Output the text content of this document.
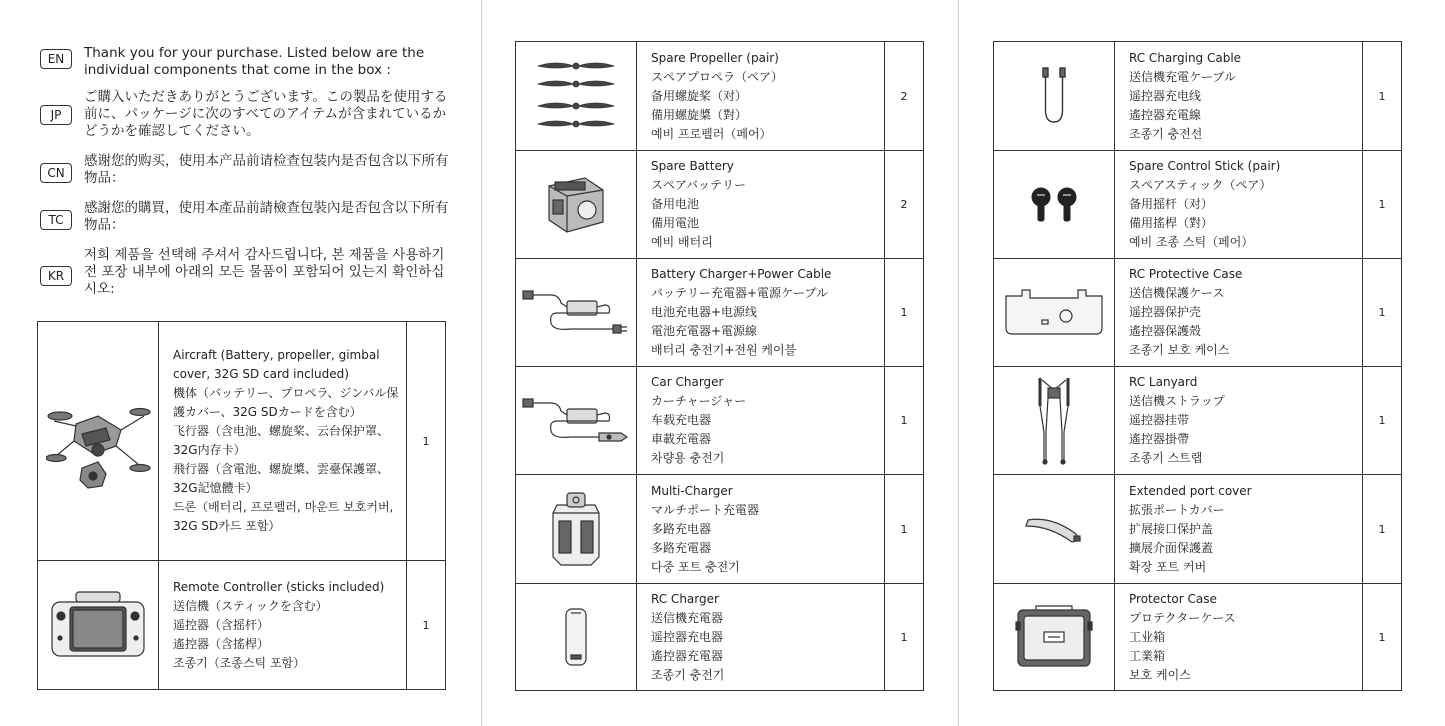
EN	Thank you for your purchase. Listed below are the individual components that come in the box :
JP
ご購入いただきありがとうございます。この製品を使用する前に、パッケージに次のすべてのアイテムが含まれているかどうかを確認してください。
CN
感谢您的购买，使用本产品前请检查包装内是否包含以下所有物品：
TC
感謝您的購買，使用本產品前請檢查包裝內是否包含以下所有物品：
KR
저희 제품을 선택해 주셔서 감사드립니다, 본 제품을 사용하기전 포장 내부에 아래의 모든 물품이 포함되어 있는지 확인하십시오:

Aircraft (Battery, propeller, gimbal cover, 32G SD card included)
機体（バッテリー、プロペラ、ジンバル保護カバー、32G SDカードを含む）
飞行器（含电池、螺旋桨、云台保护罩、32G内存卡）
飛行器（含電池、螺旋槳、雲臺保護罩、32G記憶體卡）
드론（배터리, 프로펠러, 마운트 보호커버, 32G SD카드 포함）	1

Remote Controller (sticks included)
送信機（スティックを含む）
遥控器（含摇杆）
遙控器（含搖桿）
조종기（조종스틱 포함）	1

Spare Propeller (pair)
スペアプロペラ（ペア）
备用螺旋桨（对）
備用螺旋槳（對）
예비 프로펠러（페어）	2

Spare Battery
スペアバッテリー
备用电池
備用電池
예비 배터리	2

Battery Charger+Power Cable
バッテリー充電器+電源ケーブル
电池充电器+电源线
電池充電器+電源線
배터리 충전기+전원 케이블	1

Car Charger
カーチャージャー
车载充电器
車載充電器
차량용 충전기	1

Multi-Charger
マルチポート充電器
多路充电器
多路充電器
다중 포트 충전기	1

RC Charger
送信機充電器
遥控器充电器
遙控器充電器
조종기 충전기	1

RC Charging Cable
送信機充電ケーブル
遥控器充电线
遙控器充電線
조종기 충전선	1

Spare Control Stick (pair)
スペアスティック（ペア）
备用摇杆（对）
備用搖桿（對）
예비 조종 스틱（페어）	1

RC Protective Case
送信機保護ケース
遥控器保护壳
遙控器保護殼
조종기 보호 케이스	1

RC Lanyard
送信機ストラップ
遥控器挂带
遙控器掛帶
조종기 스트랩	1

Extended port cover
拡張ポートカバー
扩展接口保护盖
擴展介面保護蓋
확장 포트 커버	1

Protector Case
プロテクターケース
工业箱
工業箱
보호 케이스	1
